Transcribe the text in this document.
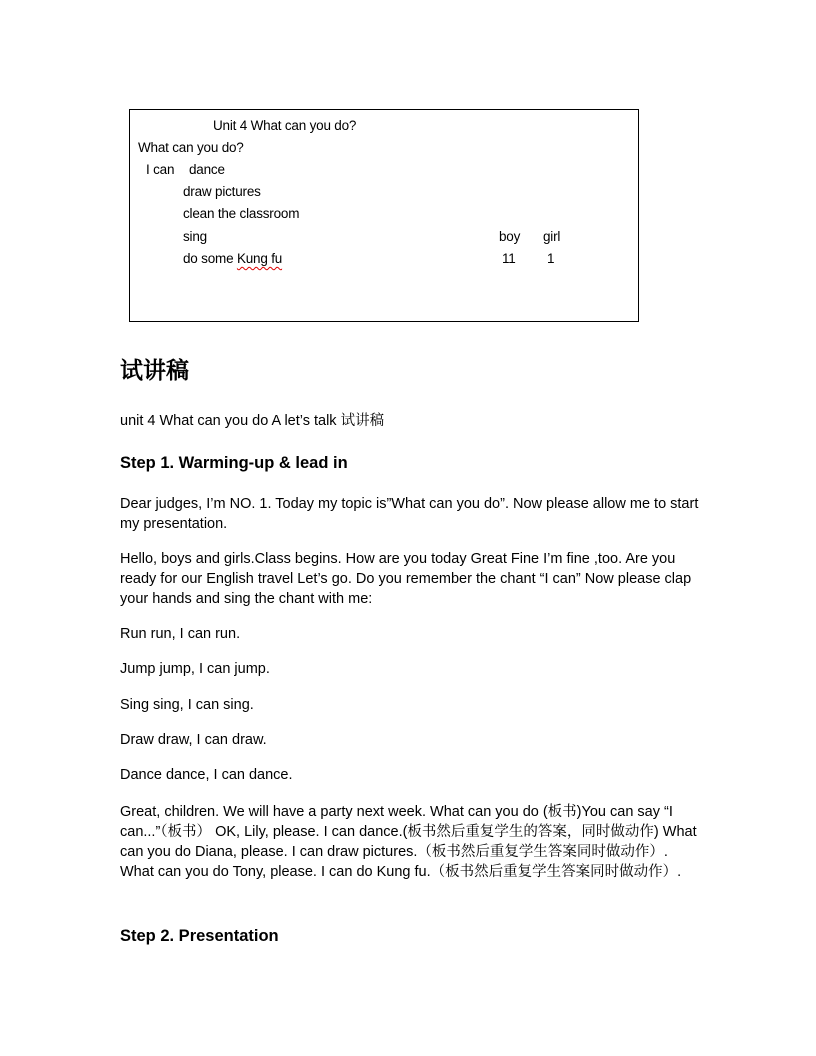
Unit 4 What can you do?
What can you do?
I can dance
draw pictures
clean the classroom
sing
do some Kung fu
boy girl
11 1
试讲稿
unit 4 What can you do A let’s talk 试讲稿
Step 1. Warming-up & lead in
Dear judges, I’m NO. 1. Today my topic is”What can you do”. Now please allow me to start my presentation.
Hello, boys and girls.Class begins. How are you today Great Fine I’m fine ,too. Are you ready for our English travel Let’s go. Do you remember the chant “I can” Now please clap your hands and sing the chant with me:
Run run, I can run.
Jump jump, I can jump.
Sing sing, I can sing.
Draw draw, I can draw.
Dance dance, I can dance.
Great, children. We will have a party next week. What can you do (板书)You can say “I can...”（板书） OK, Lily, please. I can dance.(板书然后重复学生的答案，同时做动作) What can you do Diana, please. I can draw pictures.（板书然后重复学生答案同时做动作）. What can you do Tony, please. I can do Kung fu.（板书然后重复学生答案同时做动作）.
Step 2. Presentation
